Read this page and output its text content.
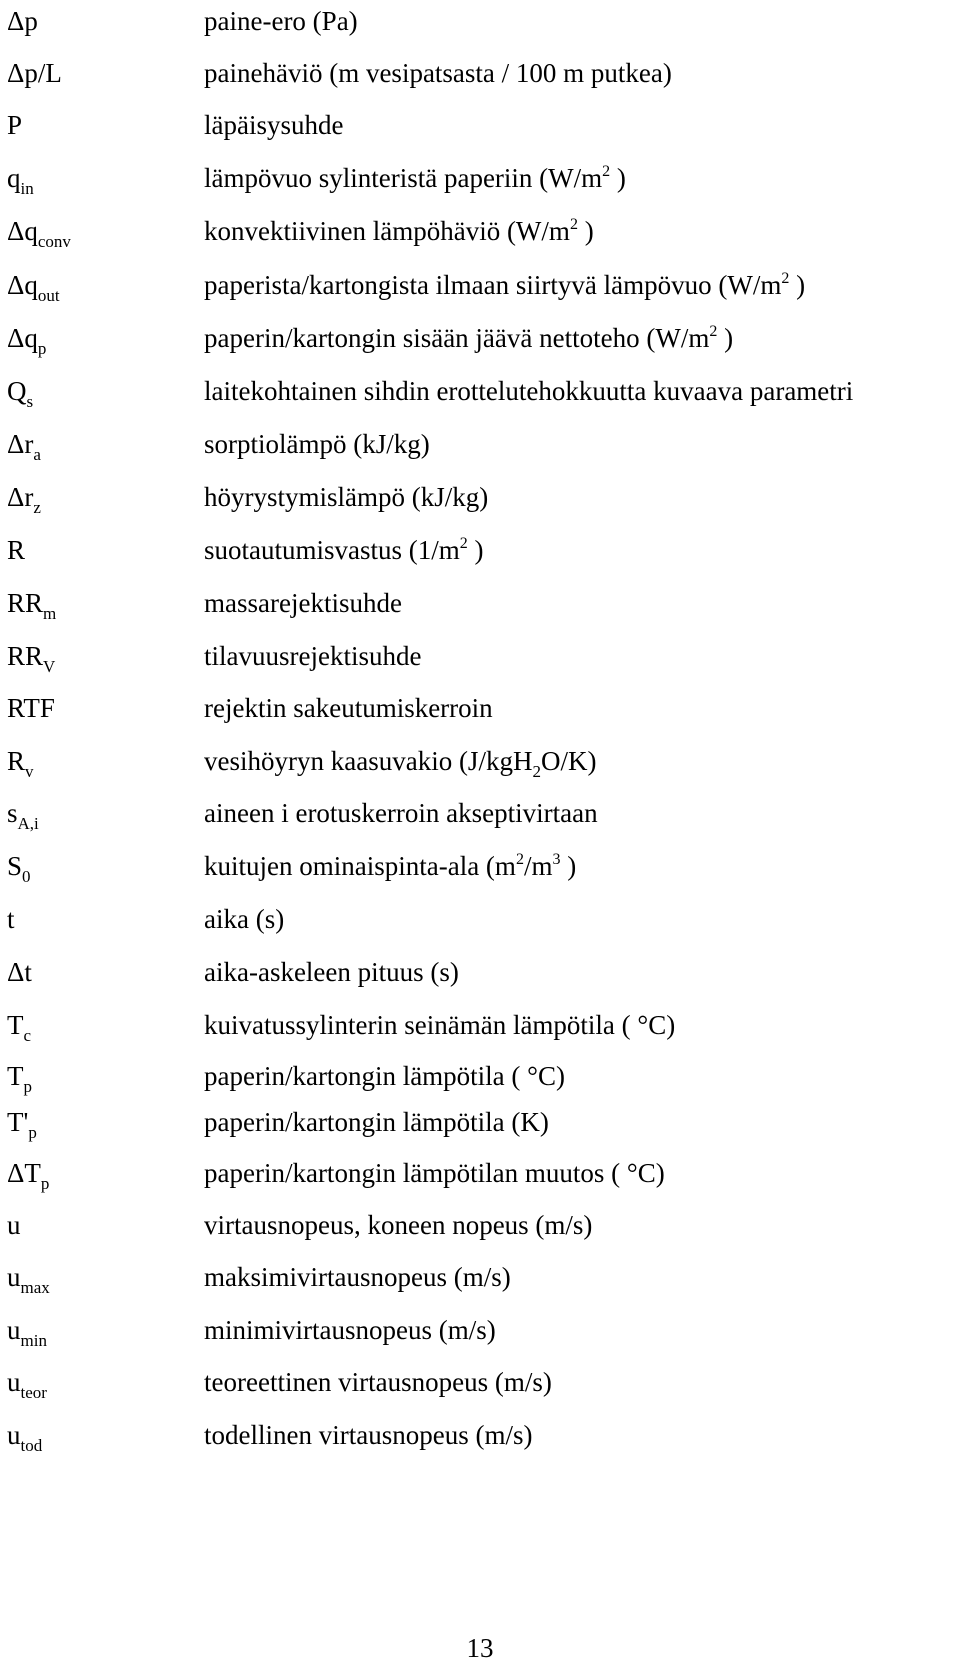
Δp	paine-ero (Pa)
Δp/L	painehäviö (m vesipatsasta / 100 m putkea)
P	läpäisysuhde
$q_{in}$	lämpövuo sylinteristä paperiin ($W/m^2$ )
$\Delta q_{conv}$	konvektiivinen lämpöhäviö ($W/m^2$ )
$\Delta q_{out}$	paperista/kartongista ilmaan siirtyvä lämpövuo ($W/m^2$ )
$\Delta q_p$	paperin/kartongin sisään jäävä nettoteho ($W/m^2$ )
$Q_s$	laitekohtainen sihdin erottelutehokkuutta kuvaava parametri
$\Delta r_a$	sorptiolämpö (kJ/kg)
$\Delta r_z$	höyrystymislämpö (kJ/kg)
R	suotautumisvastus ($1/m^2$ )
$RR_m$	massarejektisuhde
$RR_V$	tilavuusrejektisuhde
RTF	rejektin sakeutumiskerroin
$R_v$	vesihöyryn kaasuvakio (J/kgH$_2$O/K)
$s_{A,i}$	aineen i erotuskerroin akseptivirtaan
$S_0$	kuitujen ominaispinta-ala ($m^2/m^3$ )
t	aika (s)
Δt	aika-askeleen pituus (s)
$T_c$	kuivatussylinterin seinämän lämpötila ( °C)
$T_p$	paperin/kartongin lämpötila ( °C)
$T'_p$	paperin/kartongin lämpötila (K)
$\Delta T_p$	paperin/kartongin lämpötilan muutos ( °C)
u	virtausnopeus, koneen nopeus (m/s)
$u_{max}$	maksimivirtausnopeus (m/s)
$u_{min}$	minimivirtausnopeus (m/s)
$u_{teor}$	teoreettinen virtausnopeus (m/s)
$u_{tod}$	todellinen virtausnopeus (m/s)
13
